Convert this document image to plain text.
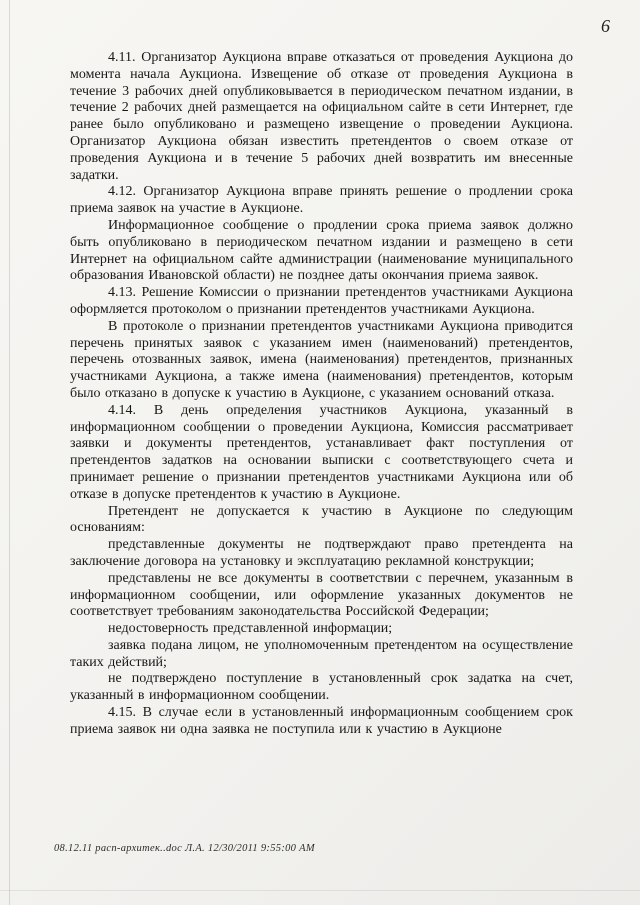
6

4.11. Организатор Аукциона вправе отказаться от проведения Аукциона до момента начала Аукциона. Извещение об отказе от проведения Аукциона в течение 3 рабочих дней опубликовывается в периодическом печатном издании, в течение 2 рабочих дней размещается на официальном сайте в сети Интернет, где ранее было опубликовано и размещено извещение о проведении Аукциона. Организатор Аукциона обязан известить претендентов о своем отказе от проведения Аукциона и в течение 5 рабочих дней возвратить им внесенные задатки.

4.12. Организатор Аукциона вправе принять решение о продлении срока приема заявок на участие в Аукционе.

Информационное сообщение о продлении срока приема заявок должно быть опубликовано в периодическом печатном издании и размещено в сети Интернет на официальном сайте администрации (наименование муниципального образования Ивановской области) не позднее даты окончания приема заявок.

4.13. Решение Комиссии о признании претендентов участниками Аукциона оформляется протоколом о признании претендентов участниками Аукциона.

В протоколе о признании претендентов участниками Аукциона приводится перечень принятых заявок с указанием имен (наименований) претендентов, перечень отозванных заявок, имена (наименования) претендентов, признанных участниками Аукциона, а также имена (наименования) претендентов, которым было отказано в допуске к участию в Аукционе, с указанием оснований отказа.

4.14. В день определения участников Аукциона, указанный в информационном сообщении о проведении Аукциона, Комиссия рассматривает заявки и документы претендентов, устанавливает факт поступления от претендентов задатков на основании выписки с соответствующего счета и принимает решение о признании претендентов участниками Аукциона или об отказе в допуске претендентов к участию в Аукционе.

Претендент не допускается к участию в Аукционе по следующим основаниям:

представленные документы не подтверждают право претендента на заключение договора на установку и эксплуатацию рекламной конструкции;

представлены не все документы в соответствии с перечнем, указанным в информационном сообщении, или оформление указанных документов не соответствует требованиям законодательства Российской Федерации;

недостоверность представленной информации;

заявка подана лицом, не уполномоченным претендентом на осуществление таких действий;

не подтверждено поступление в установленный срок задатка на счет, указанный в информационном сообщении.

4.15. В случае если в установленный информационным сообщением срок приема заявок ни одна заявка не поступила или к участию в Аукционе

08.12.11 расп-архитек..doc Л.А. 12/30/2011 9:55:00 AM
